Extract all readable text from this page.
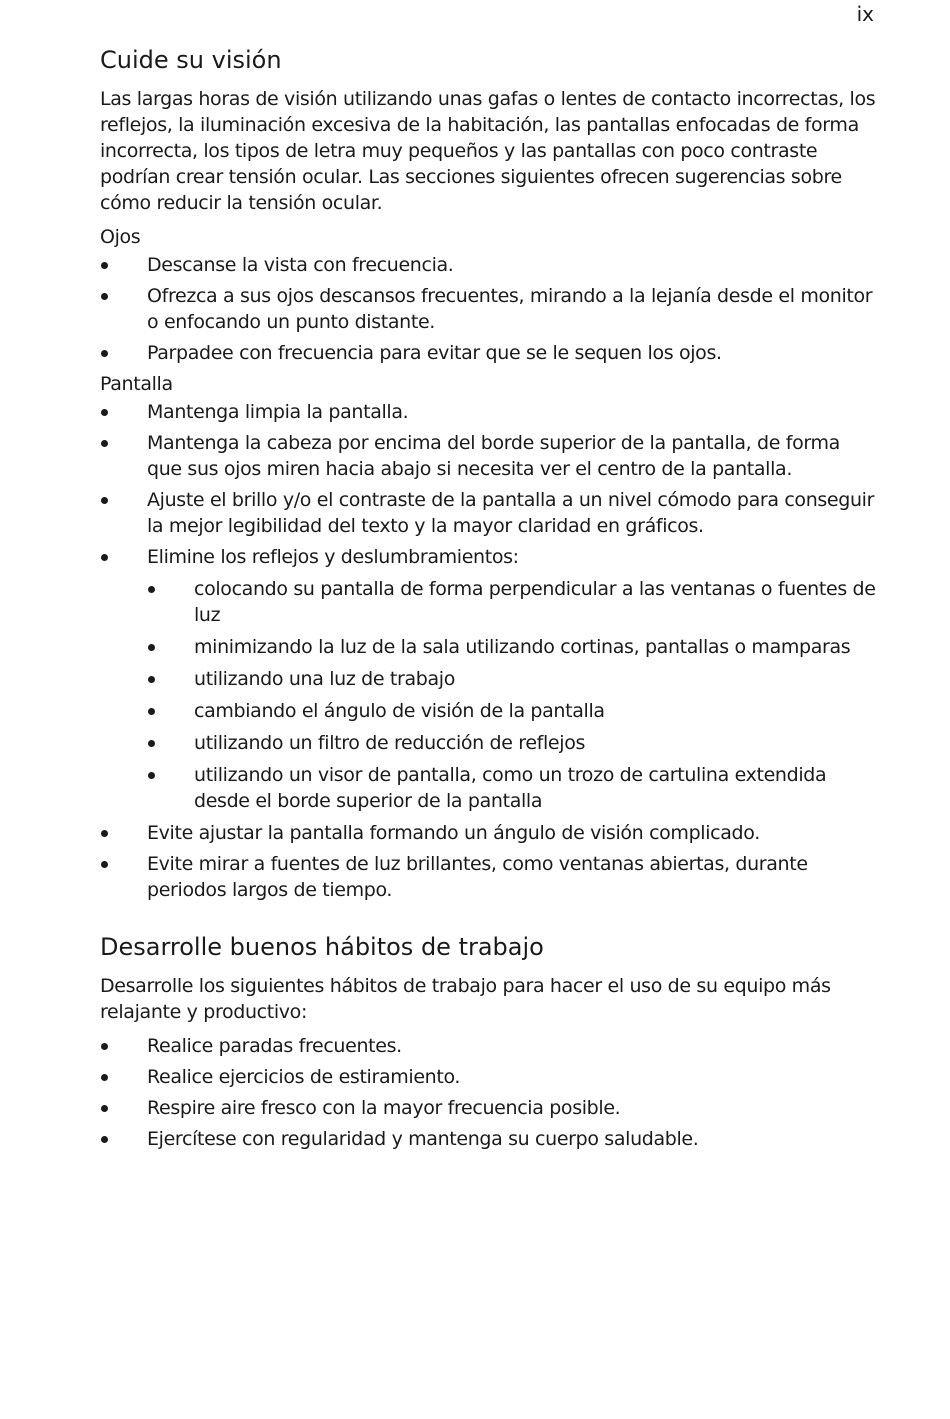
ix
Cuide su visión

Las largas horas de visión utilizando unas gafas o lentes de contacto incorrectas, los reflejos, la iluminación excesiva de la habitación, las pantallas enfocadas de forma incorrecta, los tipos de letra muy pequeños y las pantallas con poco contraste podrían crear tensión ocular. Las secciones siguientes ofrecen sugerencias sobre cómo reducir la tensión ocular.

Ojos

Descanse la vista con frecuencia.
Ofrezca a sus ojos descansos frecuentes, mirando a la lejanía desde el monitor o enfocando un punto distante.
Parpadee con frecuencia para evitar que se le sequen los ojos.

Pantalla

Mantenga limpia la pantalla.
Mantenga la cabeza por encima del borde superior de la pantalla, de forma que sus ojos miren hacia abajo si necesita ver el centro de la pantalla.
Ajuste el brillo y/o el contraste de la pantalla a un nivel cómodo para conseguir la mejor legibilidad del texto y la mayor claridad en gráficos.
Elimine los reflejos y deslumbramientos:
colocando su pantalla de forma perpendicular a las ventanas o fuentes de luz
minimizando la luz de la sala utilizando cortinas, pantallas o mamparas
utilizando una luz de trabajo
cambiando el ángulo de visión de la pantalla
utilizando un filtro de reducción de reflejos
utilizando un visor de pantalla, como un trozo de cartulina extendida desde el borde superior de la pantalla
Evite ajustar la pantalla formando un ángulo de visión complicado.
Evite mirar a fuentes de luz brillantes, como ventanas abiertas, durante periodos largos de tiempo.
Desarrolle buenos hábitos de trabajo

Desarrolle los siguientes hábitos de trabajo para hacer el uso de su equipo más relajante y productivo:

Realice paradas frecuentes.
Realice ejercicios de estiramiento.
Respire aire fresco con la mayor frecuencia posible.
Ejercítese con regularidad y mantenga su cuerpo saludable.
